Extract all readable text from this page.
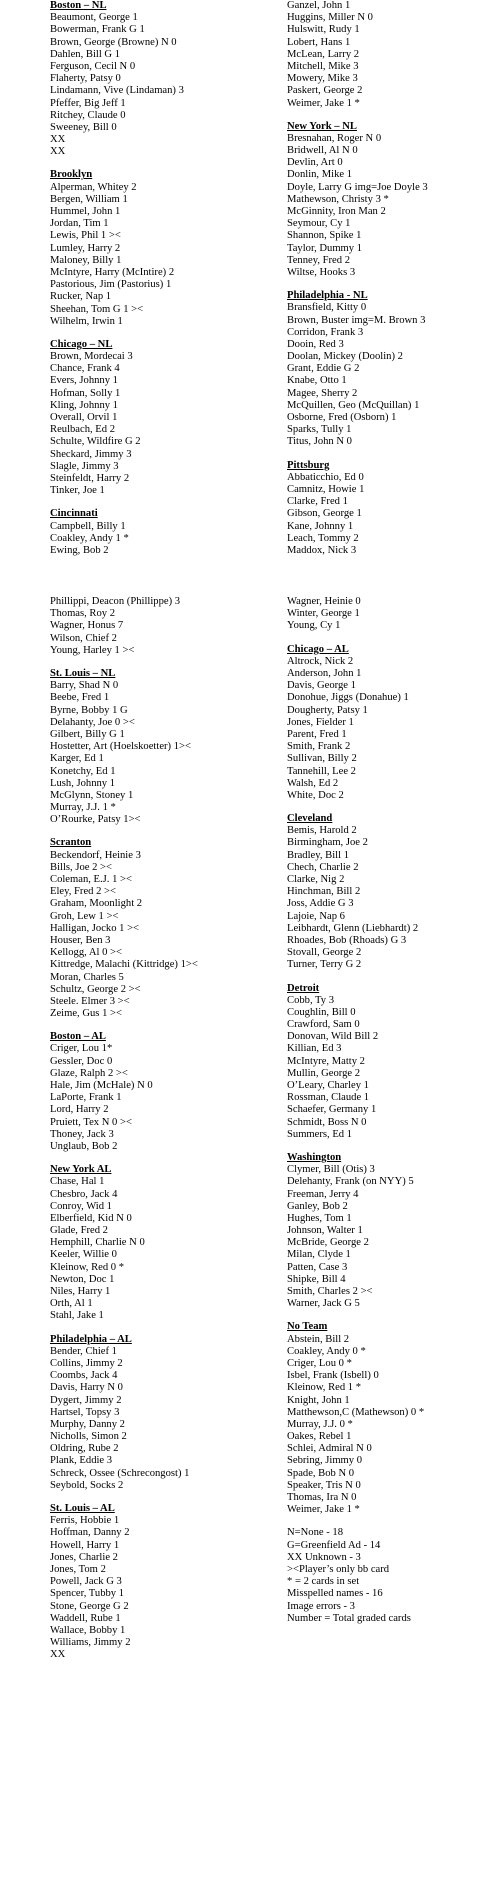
Boston – NL
Beaumont, George 1
Bowerman, Frank G 1
Brown, George (Browne) N 0
Dahlen, Bill G 1
Ferguson, Cecil N 0
Flaherty, Patsy 0
Lindamann, Vive (Lindaman) 3
Pfeffer, Big Jeff 1
Ritchey, Claude 0
Sweeney, Bill 0
XX
XX
Brooklyn
Alperman, Whitey 2
Bergen, William 1
Hummel, John 1
Jordan, Tim 1
Lewis, Phil 1 ><
Lumley, Harry 2
Maloney, Billy 1
McIntyre, Harry (McIntire) 2
Pastorious, Jim (Pastorius) 1
Rucker, Nap 1
Sheehan, Tom G 1 ><
Wilhelm, Irwin 1
Chicago – NL
Brown, Mordecai 3
Chance, Frank 4
Evers, Johnny 1
Hofman, Solly 1
Kling, Johnny 1
Overall, Orvil 1
Reulbach, Ed 2
Schulte, Wildfire G 2
Sheckard, Jimmy 3
Slagle, Jimmy 3
Steinfeldt, Harry 2
Tinker, Joe 1
Cincinnati
Campbell, Billy 1
Coakley, Andy 1 *
Ewing, Bob 2
Phillippi, Deacon (Phillippe) 3
Thomas, Roy 2
Wagner, Honus 7
Wilson, Chief 2
Young, Harley 1 ><
St. Louis – NL
Barry, Shad N 0
Beebe, Fred 1
Byrne, Bobby 1 G
Delahanty, Joe 0 ><
Gilbert, Billy G 1
Hostetter, Art (Hoelskoetter) 1><
Karger, Ed 1
Konetchy, Ed 1
Lush, Johnny 1
McGlynn, Stoney 1
Murray, J.J. 1 *
O’Rourke, Patsy 1><
Scranton
Beckendorf, Heinie 3
Bills, Joe 2 ><
Coleman, E.J. 1 ><
Eley, Fred 2 ><
Graham, Moonlight 2
Groh, Lew 1 ><
Halligan, Jocko 1 ><
Houser, Ben 3
Kellogg, Al 0 ><
Kittredge, Malachi (Kittridge) 1><
Moran, Charles 5
Schultz, George 2 ><
Steele. Elmer 3 ><
Zeime, Gus 1 ><
Boston – AL
Criger, Lou 1*
Gessler, Doc 0
Glaze, Ralph 2 ><
Hale, Jim (McHale) N 0
LaPorte, Frank 1
Lord, Harry 2
Pruiett, Tex N 0 ><
Thoney, Jack 3
Unglaub, Bob 2
New York AL
Chase, Hal 1
Chesbro, Jack 4
Conroy, Wid 1
Elberfield, Kid N 0
Glade, Fred 2
Hemphill, Charlie N 0
Keeler, Willie 0
Kleinow, Red 0 *
Newton, Doc 1
Niles, Harry 1
Orth, Al 1
Stahl, Jake 1
Philadelphia – AL
Bender, Chief 1
Collins, Jimmy 2
Coombs, Jack 4
Davis, Harry N 0
Dygert, Jimmy 2
Hartsel, Topsy 3
Murphy, Danny 2
Nicholls, Simon 2
Oldring, Rube 2
Plank, Eddie 3
Schreck, Ossee (Schrecongost) 1
Seybold, Socks 2
St. Louis – AL
Ferris, Hobbie 1
Hoffman, Danny 2
Howell, Harry 1
Jones, Charlie 2
Jones, Tom 2
Powell, Jack G 3
Spencer, Tubby 1
Stone, George G 2
Waddell, Rube 1
Wallace, Bobby 1
Williams, Jimmy 2
XX
Ganzel, John 1
Huggins, Miller N 0
Hulswitt, Rudy 1
Lobert, Hans 1
McLean, Larry 2
Mitchell, Mike 3
Mowery, Mike 3
Paskert, George 2
Weimer, Jake 1 *
New York – NL
Bresnahan, Roger N 0
Bridwell, Al N 0
Devlin, Art 0
Donlin, Mike 1
Doyle, Larry G img=Joe Doyle 3
Mathewson, Christy 3 *
McGinnity, Iron Man 2
Seymour, Cy 1
Shannon, Spike 1
Taylor, Dummy 1
Tenney, Fred 2
Wiltse, Hooks 3
Philadelphia - NL
Bransfield, Kitty 0
Brown, Buster img=M. Brown 3
Corridon, Frank 3
Dooin, Red 3
Doolan, Mickey (Doolin) 2
Grant, Eddie G 2
Knabe, Otto 1
Magee, Sherry 2
McQuillen, Geo (McQuillan) 1
Osborne, Fred (Osborn) 1
Sparks, Tully 1
Titus, John N 0
Pittsburg
Abbaticchio, Ed 0
Camnitz, Howie 1
Clarke, Fred 1
Gibson, George 1
Kane, Johnny 1
Leach, Tommy 2
Maddox, Nick 3
Wagner, Heinie 0
Winter, George 1
Young, Cy 1
Chicago – AL
Altrock, Nick 2
Anderson, John 1
Davis, George 1
Donohue, Jiggs (Donahue) 1
Dougherty, Patsy 1
Jones, Fielder 1
Parent, Fred 1
Smith, Frank 2
Sullivan, Billy 2
Tannehill, Lee 2
Walsh, Ed 2
White, Doc 2
Cleveland
Bemis, Harold 2
Birmingham, Joe 2
Bradley, Bill 1
Chech, Charlie 2
Clarke, Nig 2
Hinchman, Bill 2
Joss, Addie G 3
Lajoie, Nap 6
Leibhardt, Glenn (Liebhardt) 2
Rhoades, Bob (Rhoads) G 3
Stovall, George 2
Turner, Terry G 2
Detroit
Cobb, Ty 3
Coughlin, Bill 0
Crawford, Sam 0
Donovan, Wild Bill 2
Killian, Ed 3
McIntyre, Matty 2
Mullin, George 2
O’Leary, Charley 1
Rossman, Claude 1
Schaefer, Germany 1
Schmidt, Boss N 0
Summers, Ed 1
Washington
Clymer, Bill (Otis) 3
Delehanty, Frank (on NYY) 5
Freeman, Jerry 4
Ganley, Bob 2
Hughes, Tom 1
Johnson, Walter 1
McBride, George 2
Milan, Clyde 1
Patten, Case 3
Shipke, Bill 4
Smith, Charles 2 ><
Warner, Jack G 5
No Team
Abstein, Bill 2
Coakley, Andy 0 *
Criger, Lou 0 *
Isbel, Frank (Isbell) 0
Kleinow, Red 1 *
Knight, John 1
Matthewson,C (Mathewson) 0 *
Murray, J.J. 0 *
Oakes, Rebel 1
Schlei, Admiral N 0
Sebring, Jimmy 0
Spade, Bob N 0
Speaker, Tris N 0
Thomas, Ira N 0
Weimer, Jake 1 *
N=None - 18
G=Greenfield Ad - 14
XX Unknown - 3
><Player’s only bb card
* = 2 cards in set
Misspelled names - 16
Image errors - 3
Number = Total graded cards
